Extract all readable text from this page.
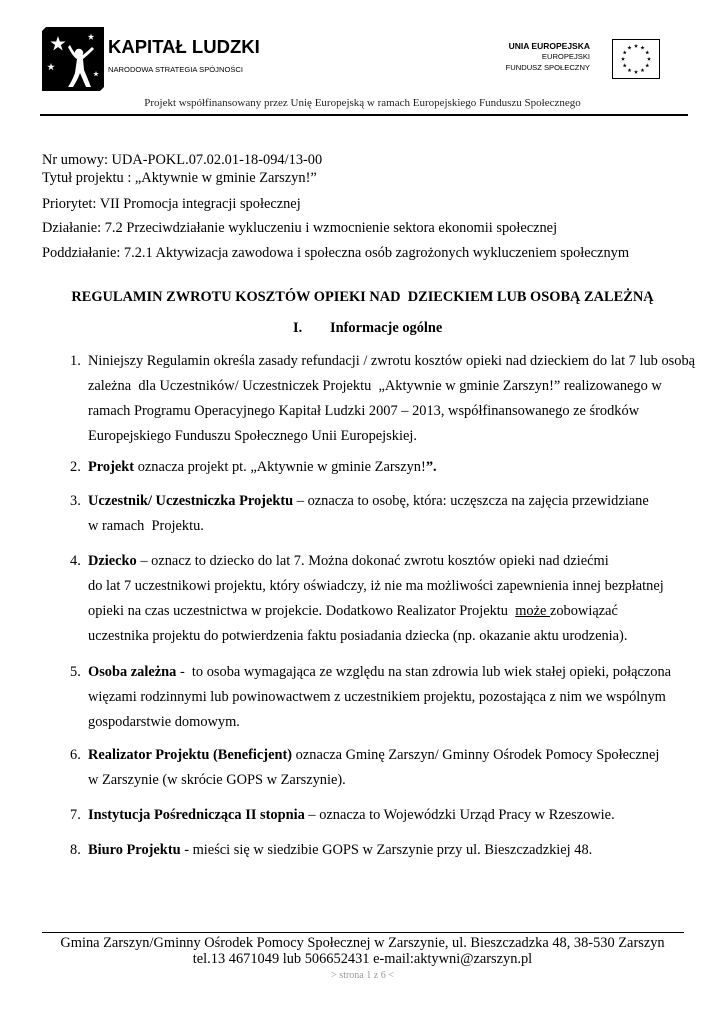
KAPITAŁ LUDZKI
NARODOWA STRATEGIA SPÓJNOŚCI
UNIA EUROPEJSKA
EUROPEJSKI
FUNDUSZ SPOŁECZNY
Projekt współfinansowany przez Unię Europejską w ramach Europejskiego Funduszu Społecznego
Nr umowy: UDA-POKL.07.02.01-18-094/13-00
Tytuł projektu : „Aktywnie w gminie Zarszyn!”
Priorytet: VII Promocja integracji społecznej
Działanie: 7.2 Przeciwdziałanie wykluczeniu i wzmocnienie sektora ekonomii społecznej
Poddziałanie: 7.2.1 Aktywizacja zawodowa i społeczna osób zagrożonych wykluczeniem społecznym
REGULAMIN ZWROTU KOSZTÓW OPIEKI NAD  DZIECKIEM LUB OSOBĄ ZALEŻNĄ
I. Informacje ogólne
1. Niniejszy Regulamin określa zasady refundacji / zwrotu kosztów opieki nad dzieckiem do lat 7 lub osobą
zależna  dla Uczestników/ Uczestniczek Projektu  „Aktywnie w gminie Zarszyn!” realizowanego w
ramach Programu Operacyjnego Kapitał Ludzki 2007 – 2013, współfinansowanego ze środków
Europejskiego Funduszu Społecznego Unii Europejskiej.
2. Projekt oznacza projekt pt. „Aktywnie w gminie Zarszyn!”.
3. Uczestnik/ Uczestniczka Projektu – oznacza to osobę, która: uczęszcza na zajęcia przewidziane
w ramach  Projektu.
4. Dziecko – oznacz to dziecko do lat 7. Można dokonać zwrotu kosztów opieki nad dziećmi
do lat 7 uczestnikowi projektu, który oświadczy, iż nie ma możliwości zapewnienia innej bezpłatnej
opieki na czas uczestnictwa w projekcie. Dodatkowo Realizator Projektu  może zobowiązać
uczestnika projektu do potwierdzenia faktu posiadania dziecka (np. okazanie aktu urodzenia).
5. Osoba zależna -  to osoba wymagająca ze względu na stan zdrowia lub wiek stałej opieki, połączona
więzami rodzinnymi lub powinowactwem z uczestnikiem projektu, pozostająca z nim we wspólnym
gospodarstwie domowym.
6. Realizator Projektu (Beneficjent) oznacza Gminę Zarszyn/ Gminny Ośrodek Pomocy Społecznej
w Zarszynie (w skrócie GOPS w Zarszynie).
7. Instytucja Pośrednicząca II stopnia – oznacza to Wojewódzki Urząd Pracy w Rzeszowie.
8. Biuro Projektu - mieści się w siedzibie GOPS w Zarszynie przy ul. Bieszczadzkiej 48.
Gmina Zarszyn/Gminny Ośrodek Pomocy Społecznej w Zarszynie, ul. Bieszczadzka 48, 38-530 Zarszyn
tel.13 4671049 lub 506652431 e-mail:aktywni@zarszyn.pl
> strona 1 z 6 <
